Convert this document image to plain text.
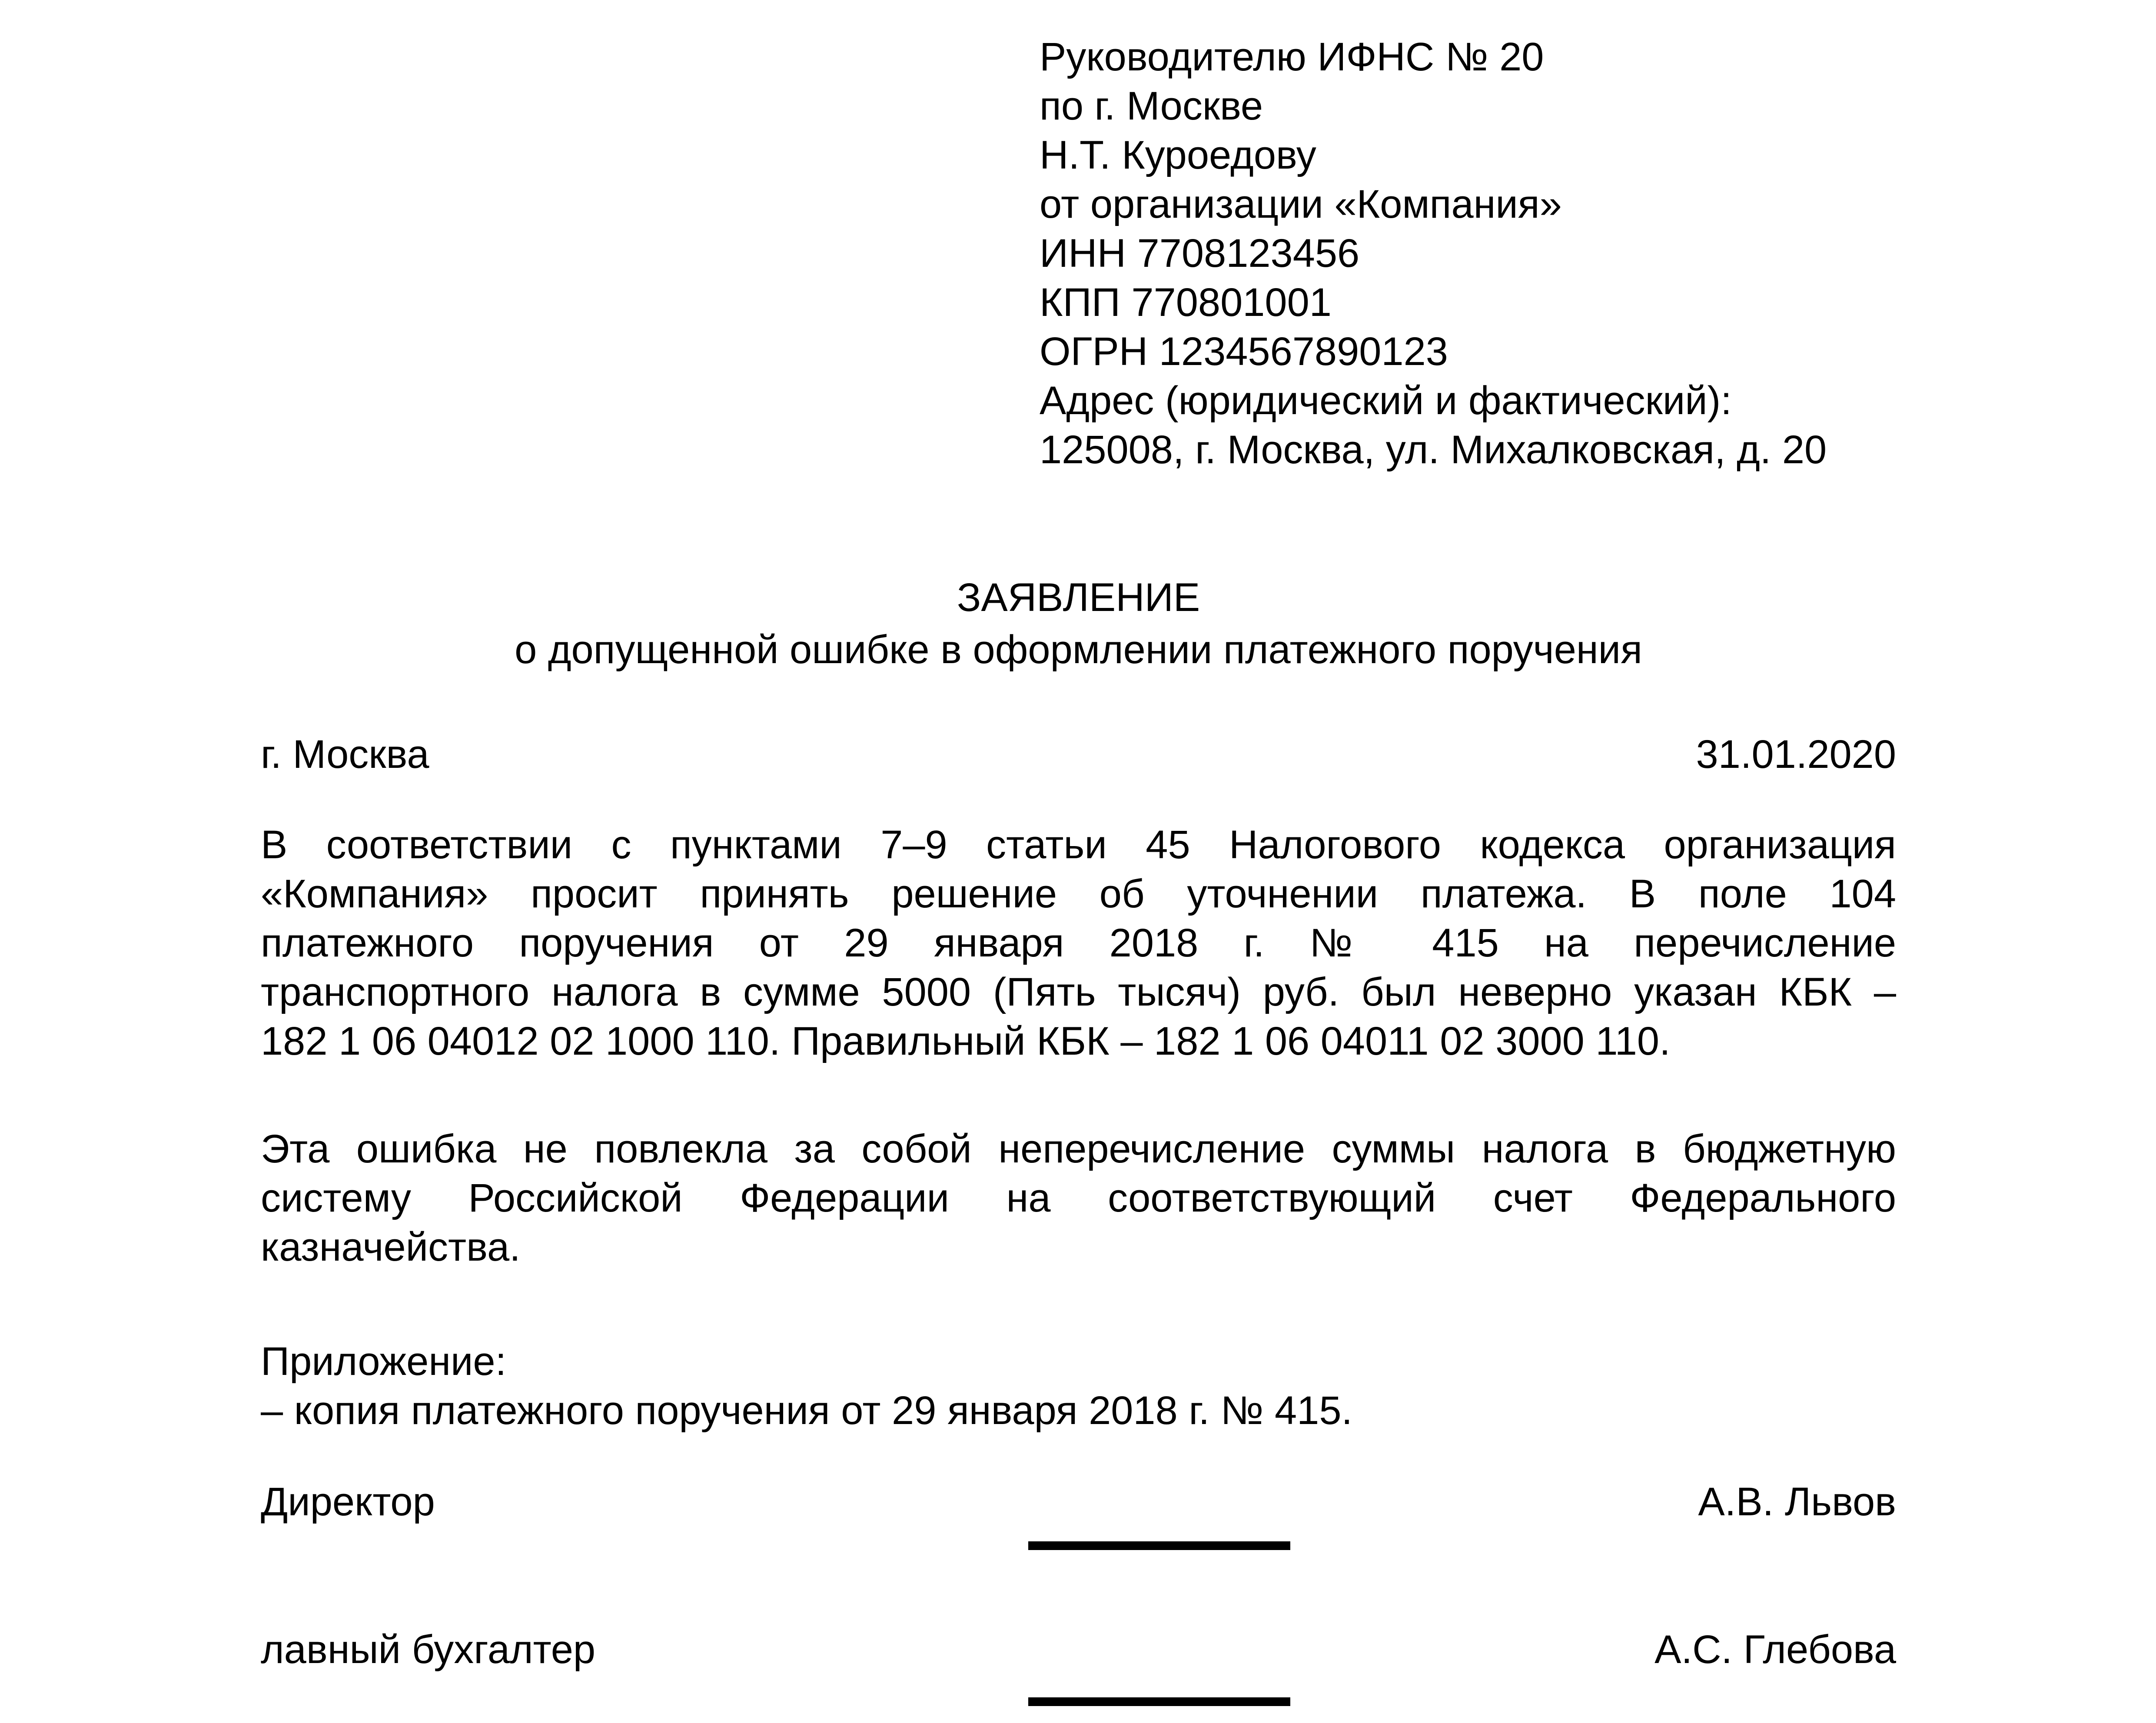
Руководителю ИФНС № 20
по г. Москве
Н.Т. Куроедову
от организации «Компания»
ИНН 7708123456
КПП 770801001
ОГРН 1234567890123
Адрес (юридический и фактический):
125008, г. Москва, ул. Михалковская, д. 20
ЗАЯВЛЕНИЕ
о допущенной ошибке в оформлении платежного поручения
г. Москва	31.01.2020
В соответствии с пунктами 7–9 статьи 45 Налогового кодекса организация
«Компания» просит принять решение об уточнении платежа. В поле 104
платежного поручения от 29 января 2018 г. № 415 на перечисление
транспортного налога в сумме 5000 (Пять тысяч) руб. был неверно указан КБК –
182 1 06 04012 02 1000 110. Правильный КБК – 182 1 06 04011 02 3000 110.
Эта ошибка не повлекла за собой неперечисление суммы налога в бюджетную
систему Российской Федерации на соответствующий счет Федерального
казначейства.
Приложение:
– копия платежного поручения от 29 января 2018 г. № 415.
Директор	А.В. Львов
лавный бухгалтер	А.С. Глебова
